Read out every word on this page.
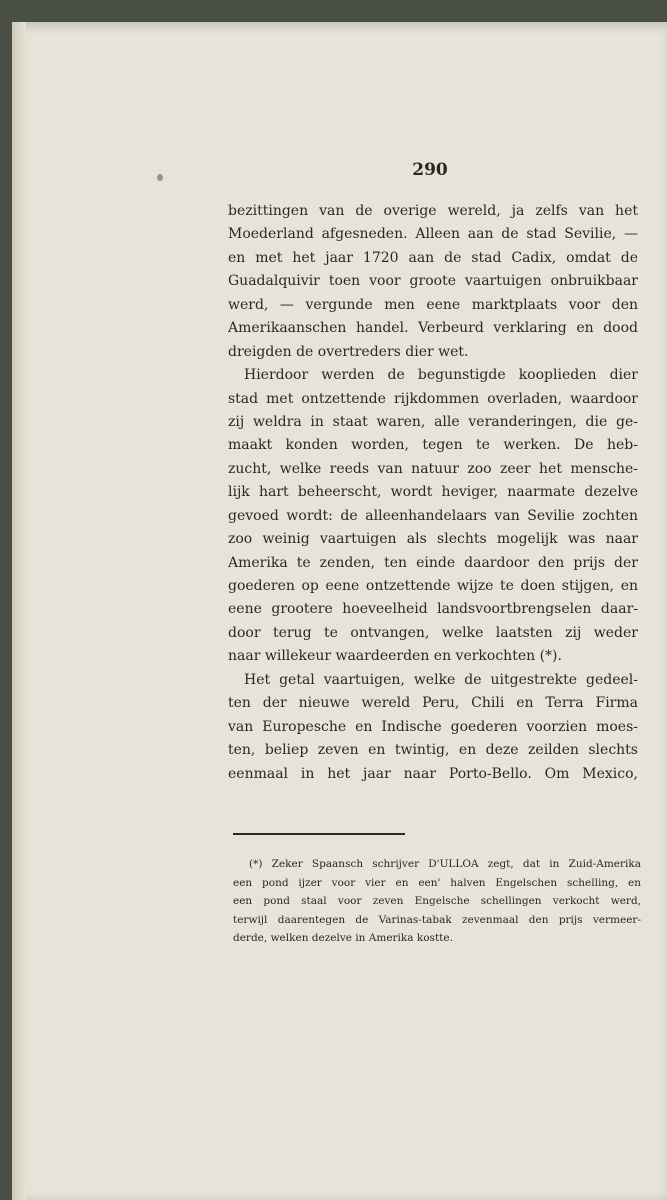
290
bezittingen van de overige wereld, ja zelfs van het
Moederland afgesneden. Alleen aan de stad Sevilie, —
en met het jaar 1720 aan de stad Cadix, omdat de
Guadalquivir toen voor groote vaartuigen onbruikbaar
werd, — vergunde men eene marktplaats voor den
Amerikaanschen handel. Verbeurd verklaring en dood
dreigden de overtreders dier wet.
Hierdoor werden de begunstigde kooplieden dier
stad met ontzettende rijkdommen overladen, waardoor
zij weldra in staat waren, alle veranderingen, die ge-
maakt konden worden, tegen te werken. De heb-
zucht, welke reeds van natuur zoo zeer het mensche-
lijk hart beheerscht, wordt heviger, naarmate dezelve
gevoed wordt: de alleenhandelaars van Sevilie zochten
zoo weinig vaartuigen als slechts mogelijk was naar
Amerika te zenden, ten einde daardoor den prijs der
goederen op eene ontzettende wijze te doen stijgen, en
eene grootere hoeveelheid landsvoortbrengselen daar-
door terug te ontvangen, welke laatsten zij weder
naar willekeur waardeerden en verkochten (*).
Het getal vaartuigen, welke de uitgestrekte gedeel-
ten der nieuwe wereld Peru, Chili en Terra Firma
van Europesche en Indische goederen voorzien moes-
ten, beliep zeven en twintig, en deze zeilden slechts
eenmaal in het jaar naar Porto-Bello. Om Mexico,
(*) Zeker Spaansch schrijver D'ULLOA zegt, dat in Zuid-Amerika
een pond ijzer voor vier en een' halven Engelschen schelling, en
een pond staal voor zeven Engelsche schellingen verkocht werd,
terwijl daarentegen de Varinas-tabak zevenmaal den prijs vermeer-
derde, welken dezelve in Amerika kostte.
